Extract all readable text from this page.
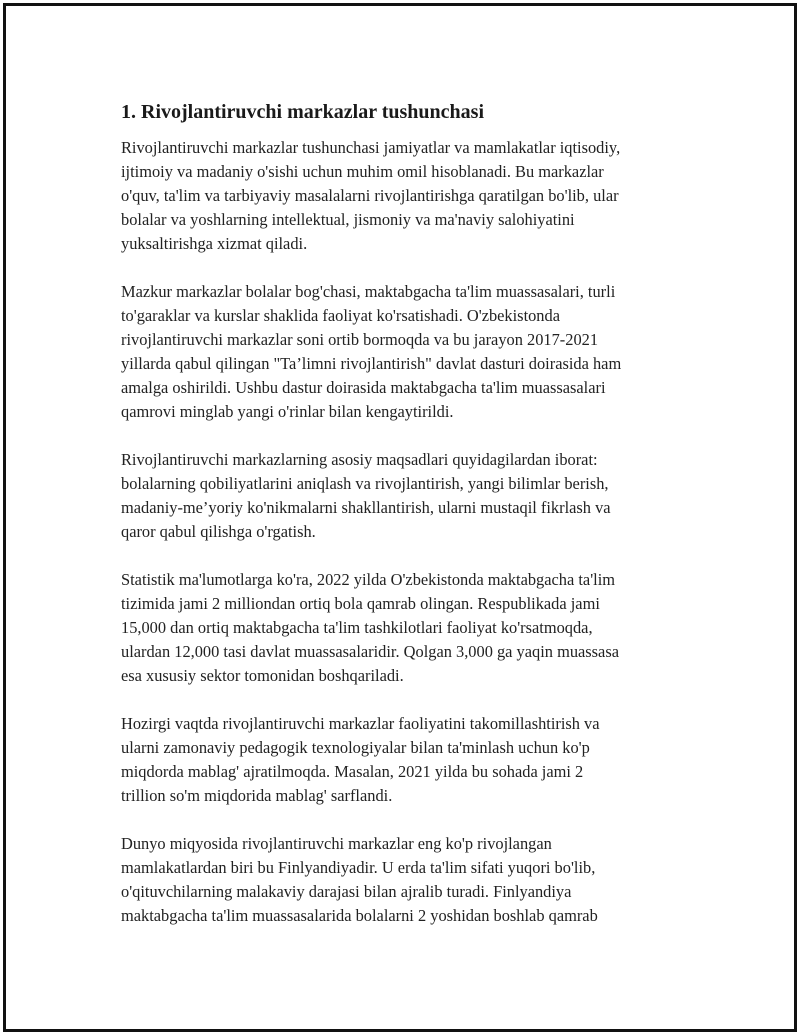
1. Rivojlantiruvchi markazlar tushunchasi

Rivojlantiruvchi markazlar tushunchasi jamiyatlar va mamlakatlar iqtisodiy,
ijtimoiy va madaniy o'sishi uchun muhim omil hisoblanadi. Bu markazlar
o'quv, ta'lim va tarbiyaviy masalalarni rivojlantirishga qaratilgan bo'lib, ular
bolalar va yoshlarning intellektual, jismoniy va ma'naviy salohiyatini
yuksaltirishga xizmat qiladi.

Mazkur markazlar bolalar bog'chasi, maktabgacha ta'lim muassasalari, turli
to'garaklar va kurslar shaklida faoliyat ko'rsatishadi. O'zbekistonda
rivojlantiruvchi markazlar soni ortib bormoqda va bu jarayon 2017-2021
yillarda qabul qilingan "Ta’limni rivojlantirish" davlat dasturi doirasida ham
amalga oshirildi. Ushbu dastur doirasida maktabgacha ta'lim muassasalari
qamrovi minglab yangi o'rinlar bilan kengaytirildi.

Rivojlantiruvchi markazlarning asosiy maqsadlari quyidagilardan iborat:
bolalarning qobiliyatlarini aniqlash va rivojlantirish, yangi bilimlar berish,
madaniy-me’yoriy ko'nikmalarni shakllantirish, ularni mustaqil fikrlash va
qaror qabul qilishga o'rgatish.

Statistik ma'lumotlarga ko'ra, 2022 yilda O'zbekistonda maktabgacha ta'lim
tizimida jami 2 milliondan ortiq bola qamrab olingan. Respublikada jami
15,000 dan ortiq maktabgacha ta'lim tashkilotlari faoliyat ko'rsatmoqda,
ulardan 12,000 tasi davlat muassasalaridir. Qolgan 3,000 ga yaqin muassasa
esa xususiy sektor tomonidan boshqariladi.

Hozirgi vaqtda rivojlantiruvchi markazlar faoliyatini takomillashtirish va
ularni zamonaviy pedagogik texnologiyalar bilan ta'minlash uchun ko'p
miqdorda mablag' ajratilmoqda. Masalan, 2021 yilda bu sohada jami 2
trillion so'm miqdorida mablag' sarflandi.

Dunyo miqyosida rivojlantiruvchi markazlar eng ko'p rivojlangan
mamlakatlardan biri bu Finlyandiyadir. U erda ta'lim sifati yuqori bo'lib,
o'qituvchilarning malakaviy darajasi bilan ajralib turadi. Finlyandiya
maktabgacha ta'lim muassasalarida bolalarni 2 yoshidan boshlab qamrab
